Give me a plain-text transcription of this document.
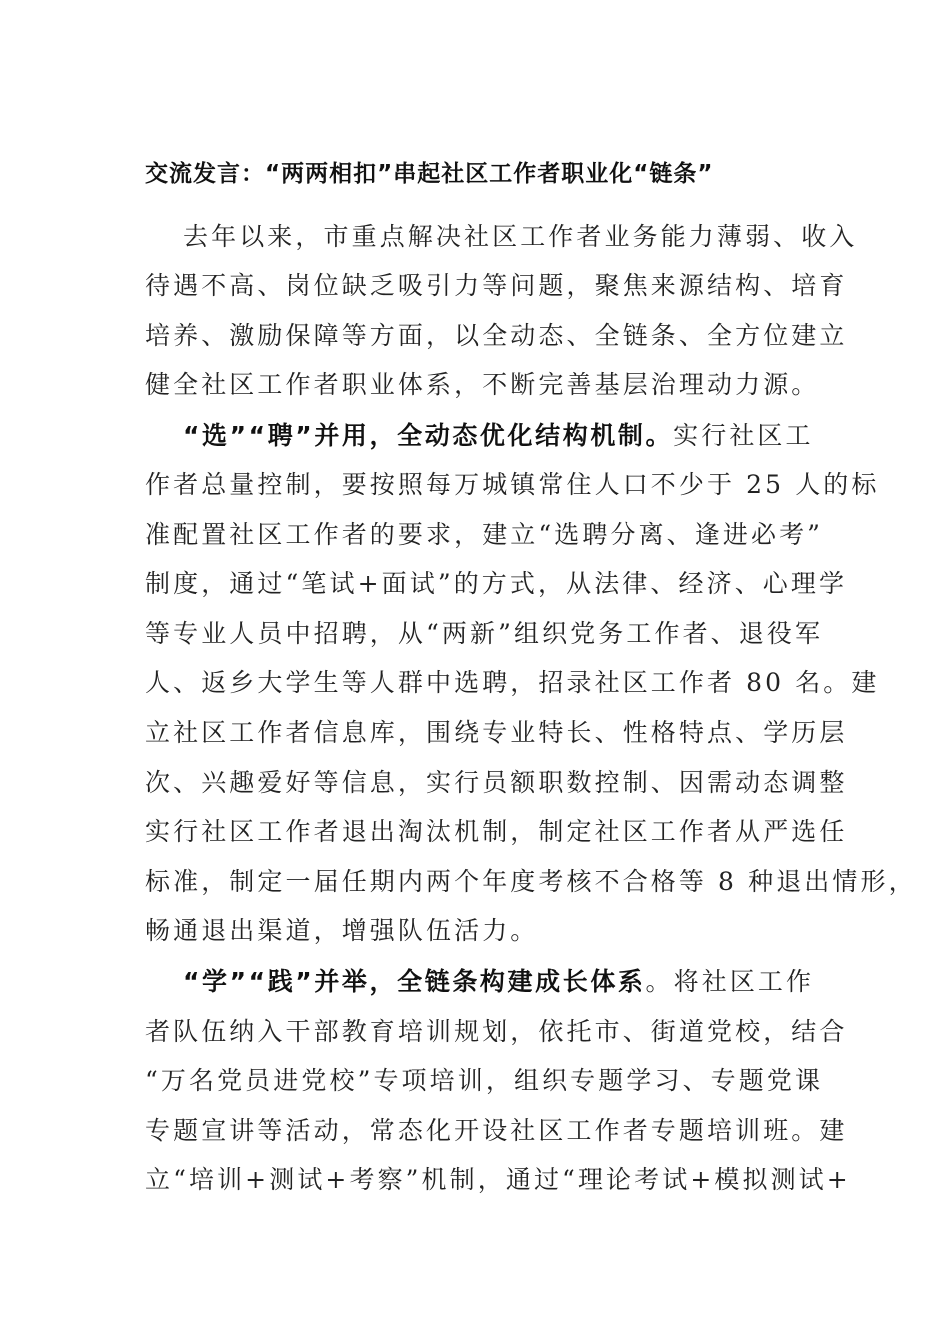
交流发言：“两两相扣”串起社区工作者职业化“链条”
去年以来，市重点解决社区工作者业务能力薄弱、收入
待遇不高、岗位缺乏吸引力等问题，聚焦来源结构、培育
培养、激励保障等方面，以全动态、全链条、全方位建立
健全社区工作者职业体系，不断完善基层治理动力源。
“选”“聘”并用，全动态优化结构机制。实行社区工
作者总量控制，要按照每万城镇常住人口不少于 25 人的标
准配置社区工作者的要求，建立“选聘分离、逢进必考”
制度，通过“笔试+面试”的方式，从法律、经济、心理学
等专业人员中招聘，从“两新”组织党务工作者、退役军
人、返乡大学生等人群中选聘，招录社区工作者 80 名。建
立社区工作者信息库，围绕专业特长、性格特点、学历层
次、兴趣爱好等信息，实行员额职数控制、因需动态调整
实行社区工作者退出淘汰机制，制定社区工作者从严选任
标准，制定一届任期内两个年度考核不合格等 8 种退出情形，
畅通退出渠道，增强队伍活力。
“学”“践”并举，全链条构建成长体系。将社区工作
者队伍纳入干部教育培训规划，依托市、街道党校，结合
“万名党员进党校”专项培训，组织专题学习、专题党课
专题宣讲等活动，常态化开设社区工作者专题培训班。建
立“培训+测试+考察”机制，通过“理论考试+模拟测试+
